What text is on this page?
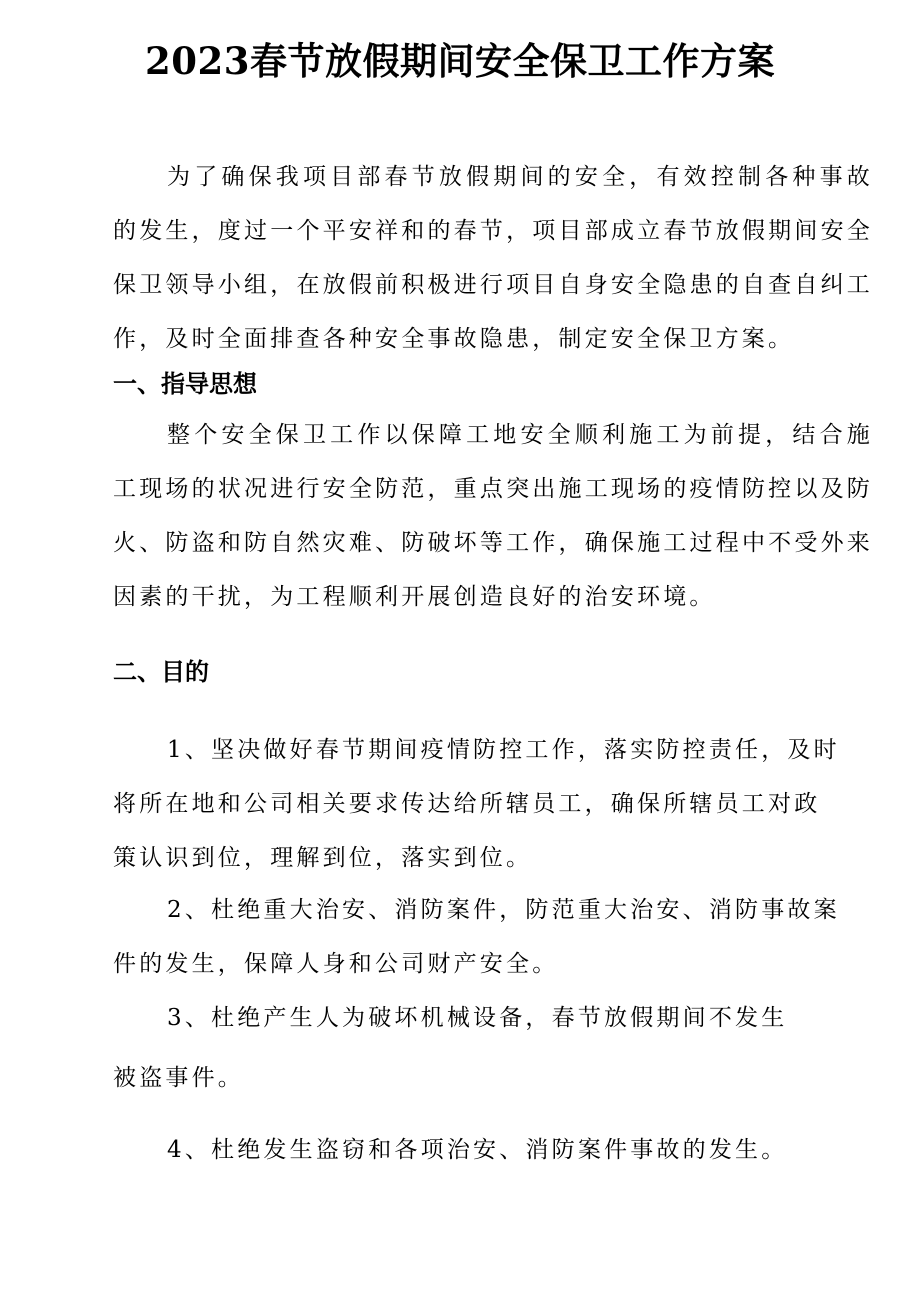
2023春节放假期间安全保卫工作方案
为了确保我项目部春节放假期间的安全，有效控制各种事故的发生，度过一个平安祥和的春节，项目部成立春节放假期间安全保卫领导小组，在放假前积极进行项目自身安全隐患的自查自纠工作，及时全面排查各种安全事故隐患，制定安全保卫方案。
一、指导思想
整个安全保卫工作以保障工地安全顺利施工为前提，结合施工现场的状况进行安全防范，重点突出施工现场的疫情防控以及防火、防盗和防自然灾难、防破坏等工作，确保施工过程中不受外来因素的干扰，为工程顺利开展创造良好的治安环境。
二、目的
1、坚决做好春节期间疫情防控工作，落实防控责任，及时
将所在地和公司相关要求传达给所辖员工，确保所辖员工对政
策认识到位，理解到位，落实到位。
2、杜绝重大治安、消防案件，防范重大治安、消防事故案
件的发生，保障人身和公司财产安全。
3、杜绝产生人为破坏机械设备，春节放假期间不发生
被盗事件。
4、杜绝发生盗窃和各项治安、消防案件事故的发生。
